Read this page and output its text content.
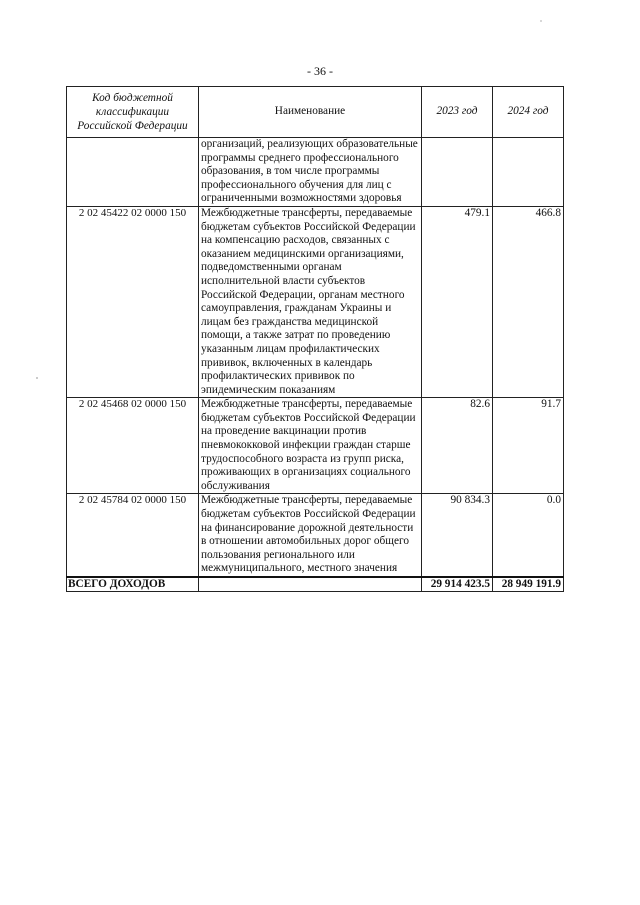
- 36 -
Код бюджетной классификации Российской Федерации	Наименование	2023 год	2024 год
	организаций, реализующих образовательные программы среднего профессионального образования, в том числе программы профессионального обучения для лиц с ограниченными возможностями здоровья		
2 02 45422 02 0000 150	Межбюджетные трансферты, передаваемые бюджетам субъектов Российской Федерации на компенсацию расходов, связанных с оказанием медицинскими организациями, подведомственными органам исполнительной власти субъектов Российской Федерации, органам местного самоуправления, гражданам Украины и лицам без гражданства медицинской помощи, а также затрат по проведению указанным лицам профилактических прививок, включенных в календарь профилактических прививок по эпидемическим показаниям	479.1	466.8
2 02 45468 02 0000 150	Межбюджетные трансферты, передаваемые бюджетам субъектов Российской Федерации на проведение вакцинации против пневмококковой инфекции граждан старше трудоспособного возраста из групп риска, проживающих в организациях социального обслуживания	82.6	91.7
2 02 45784 02 0000 150	Межбюджетные трансферты, передаваемые бюджетам субъектов Российской Федерации на финансирование дорожной деятельности в отношении автомобильных дорог общего пользования регионального или межмуниципального, местного значения	90 834.3	0.0
ВСЕГО ДОХОДОВ		29 914 423.5	28 949 191.9
